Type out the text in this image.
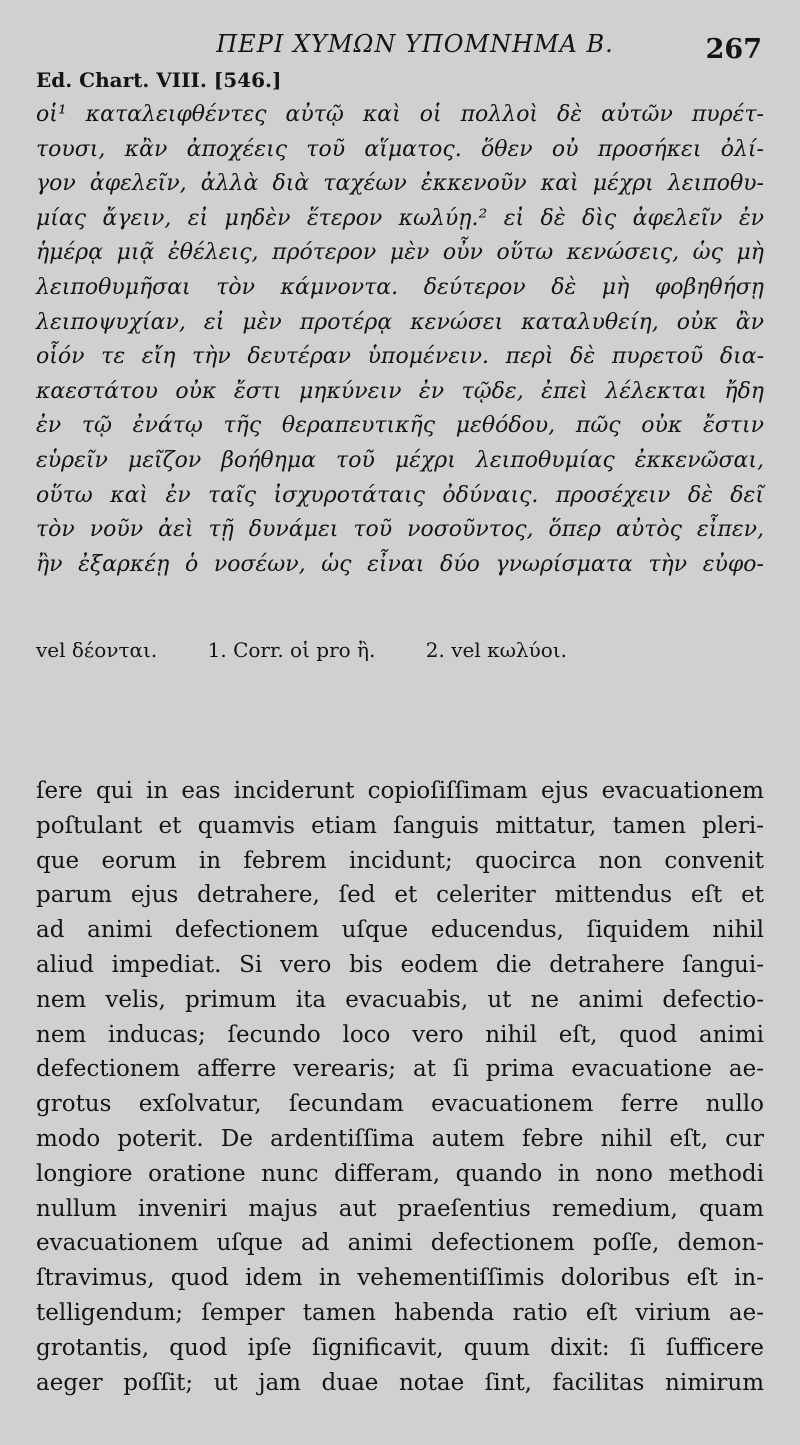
ΠΕΡΙ ΧΥΜΩΝ ΥΠΟΜΝΗΜΑ Β.	267
Ed. Chart. VIII. [546.]
οἱ¹ καταλειφθέντες αὐτῷ καὶ οἱ πολλοὶ δὲ αὐτῶν πυρέτ-
τουσι, κἂν ἀποχέεις τοῦ αἵματος. ὅθεν οὐ προσήκει ὀλί-
γον ἀφελεῖν, ἀλλὰ διὰ ταχέων ἐκκενοῦν καὶ μέχρι λειποθυ-
μίας ἄγειν, εἰ μηδὲν ἕτερον κωλύῃ.² εἰ δὲ δὶς ἀφελεῖν ἐν
ἡμέρᾳ μιᾷ ἐθέλεις, πρότερον μὲν οὖν οὕτω κενώσεις, ὡς μὴ
λειποθυμῆσαι τὸν κάμνοντα. δεύτερον δὲ μὴ φοβηθήσῃ
λειποψυχίαν, εἰ μὲν προτέρᾳ κενώσει καταλυθείη, οὐκ ἂν
οἷόν τε εἴη τὴν δευτέραν ὑπομένειν. περὶ δὲ πυρετοῦ δια-
καεστάτου οὐκ ἔστι μηκύνειν ἐν τῷδε, ἐπεὶ λέλεκται ἤδη
ἐν τῷ ἐνάτῳ τῆς θεραπευτικῆς μεθόδου, πῶς οὐκ ἔστιν
εὑρεῖν μεῖζον βοήθημα τοῦ μέχρι λειποθυμίας ἐκκενῶσαι,
οὕτω καὶ ἐν ταῖς ἰσχυροτάταις ὀδύναις. προσέχειν δὲ δεῖ
τὸν νοῦν ἀεὶ τῇ δυνάμει τοῦ νοσοῦντος, ὅπερ αὐτὸς εἶπεν,
ἢν ἐξαρκέῃ ὁ νοσέων, ὡς εἶναι δύο γνωρίσματα τὴν εὐφο-
vel δέονται.	1. Corr. οἱ pro ἢ.	2. vel κωλύοι.
ſere qui in eas inciderunt copioſiſſimam ejus evacuationem
poſtulant et quamvis etiam ſanguis mittatur, tamen pleri-
que eorum in febrem incidunt; quocirca non convenit
parum ejus detrahere, ſed et celeriter mittendus eſt et
ad animi defectionem uſque educendus, ſiquidem nihil
aliud impediat. Si vero bis eodem die detrahere ſangui-
nem velis, primum ita evacuabis, ut ne animi defectio-
nem inducas; ſecundo loco vero nihil eſt, quod animi
defectionem afferre verearis; at ſi prima evacuatione ae-
grotus exſolvatur, ſecundam evacuationem ferre nullo
modo poterit. De ardentiſſima autem febre nihil eſt, cur
longiore oratione nunc differam, quando in nono methodi
nullum inveniri majus aut praeſentius remedium, quam
evacuationem uſque ad animi defectionem poſſe, demon-
ſtravimus, quod idem in vehementiſſimis doloribus eſt in-
telligendum; ſemper tamen habenda ratio eſt virium ae-
grotantis, quod ipſe ſignificavit, quum dixit: ſi ſufficere
aeger poſſit; ut jam duae notae ſint, facilitas nimirum
